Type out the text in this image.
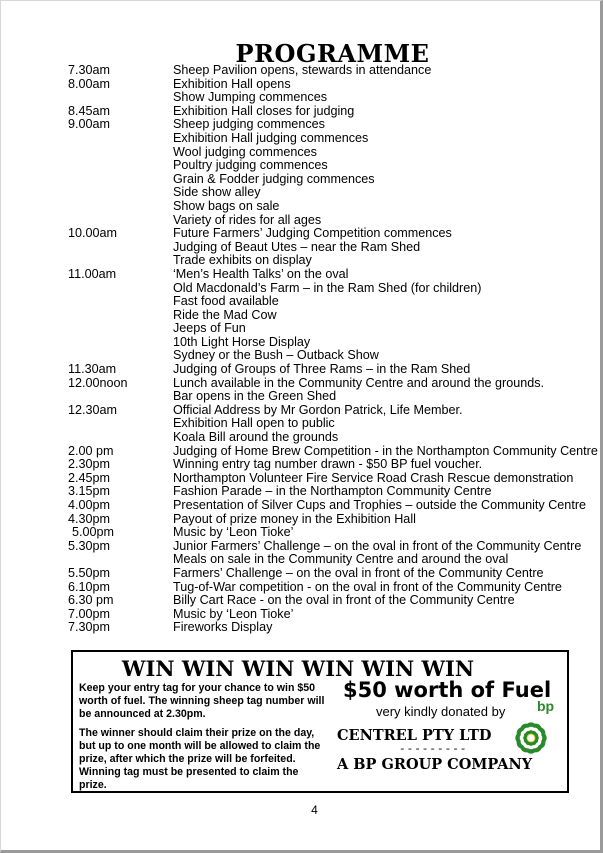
PROGRAMME
7.30am	Sheep Pavilion opens, stewards in attendance
8.00am	Exhibition Hall opens
Show Jumping commences
8.45am	Exhibition Hall closes for judging
9.00am	Sheep judging commences
Exhibition Hall judging commences
Wool judging commences
Poultry judging commences
Grain & Fodder judging commences
Side show alley
Show bags on sale
Variety of rides for all ages
10.00am	Future Farmers’ Judging Competition commences
Judging of Beaut Utes – near the Ram Shed
Trade exhibits on display
11.00am	‘Men’s Health Talks’ on the oval
Old Macdonald’s Farm – in the Ram Shed (for children)
Fast food available
Ride the Mad Cow
Jeeps of Fun
10th Light Horse Display
Sydney or the Bush – Outback Show
11.30am	Judging of Groups of Three Rams – in the Ram Shed
12.00noon	Lunch available in the Community Centre and around the grounds.
Bar opens in the Green Shed
12.30am	Official Address by Mr Gordon Patrick, Life Member.
Exhibition Hall open to public
Koala Bill around the grounds
2.00 pm	Judging of Home Brew Competition - in the Northampton Community Centre
2.30pm	Winning entry tag number drawn - $50 BP fuel voucher.
2.45pm	Northampton Volunteer Fire Service Road Crash Rescue demonstration
3.15pm	Fashion Parade – in the Northampton Community Centre
4.00pm	Presentation of Silver Cups and Trophies – outside the Community Centre
4.30pm	Payout of prize money in the Exhibition Hall
5.00pm	Music by ‘Leon Tioke’
5.30pm	Junior Farmers’ Challenge – on the oval in front of the Community Centre
Meals on sale in the Community Centre and around the oval
5.50pm	Farmers’ Challenge – on the oval in front of the Community Centre
6.10pm	Tug-of-War competition - on the oval in front of the Community Centre
6.30 pm	Billy Cart Race - on the oval in front of the Community Centre
7.00pm	Music by ‘Leon Tioke’
7.30pm	Fireworks Display
WIN WIN WIN WIN WIN WIN

Keep your entry tag for your chance to win $50 worth of fuel. The winning sheep tag number will be announced at 2.30pm.

The winner should claim their prize on the day, but up to one month will be allowed to claim the prize, after which the prize will be forfeited. Winning tag must be presented to claim the prize.

$50 worth of Fuel
very kindly donated by bp
CENTREL PTY LTD
---------
A BP GROUP COMPANY
4
